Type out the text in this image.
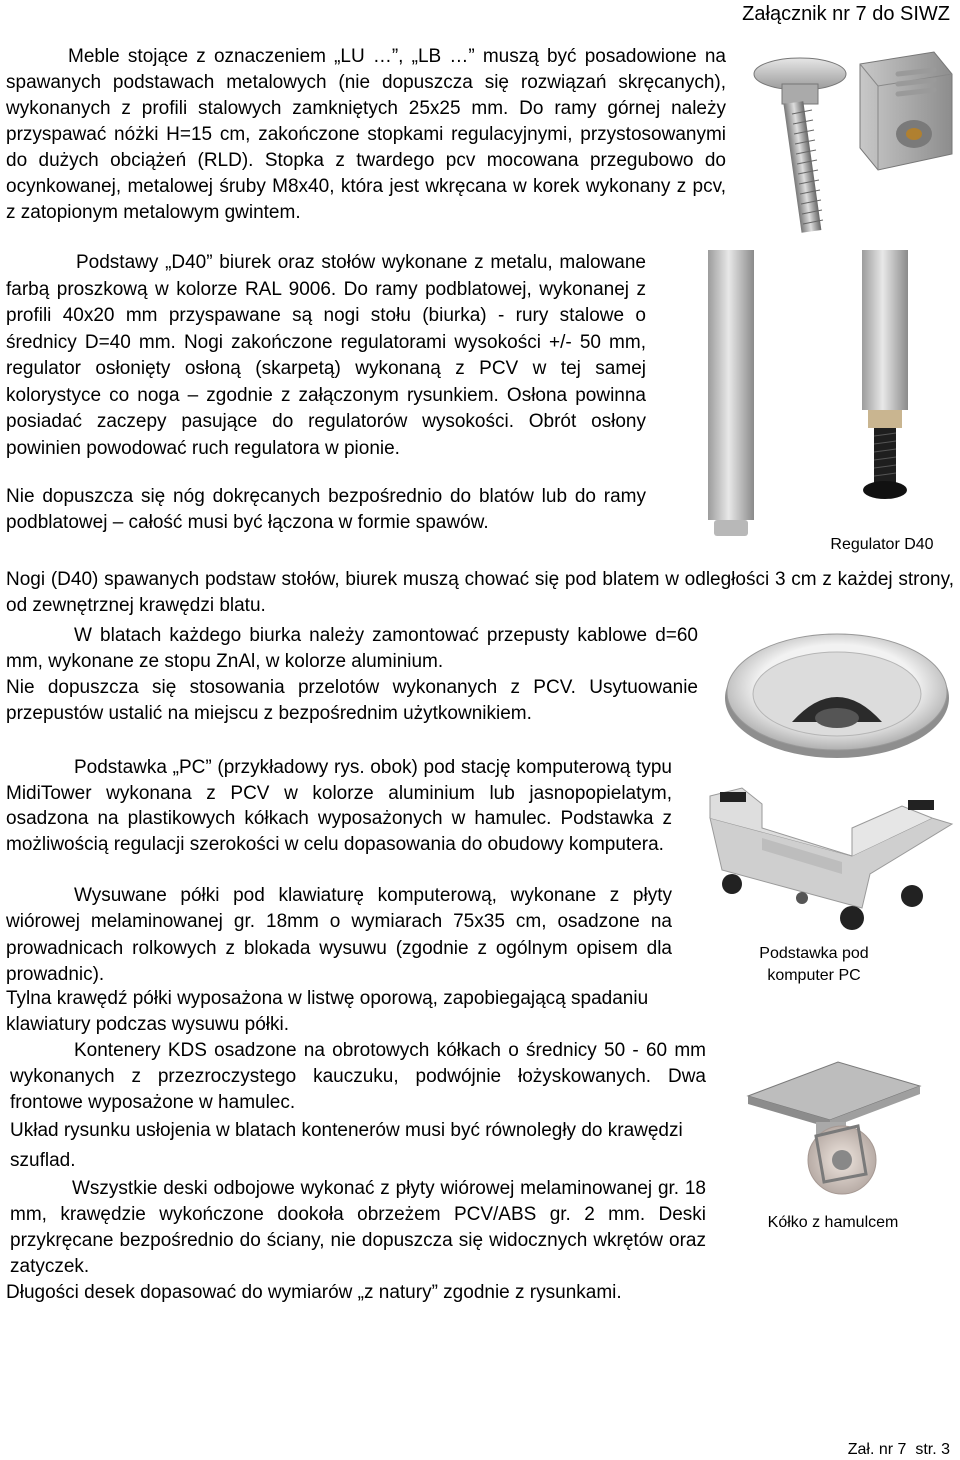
Załącznik nr 7 do SIWZ

Meble stojące z oznaczeniem „LU …”, „LB …” muszą być posadowione na spawanych podstawach metalowych (nie dopuszcza się rozwiązań skręcanych), wykonanych z profili stalowych zamkniętych 25x25 mm. Do ramy górnej należy przyspawać nóżki H=15 cm, zakończone stopkami regulacyjnymi, przystosowanymi do dużych obciążeń (RLD). Stopka z twardego pcv mocowana przegubowo do ocynkowanej, metalowej śruby M8x40, która jest wkręcana w korek wykonany z pcv, z zatopionym metalowym gwintem.

Podstawy „D40” biurek oraz stołów wykonane z metalu, malowane farbą proszkową w kolorze RAL 9006. Do ramy podblatowej, wykonanej z profili 40x20 mm przyspawane są nogi stołu (biurka) - rury stalowe o średnicy D=40 mm. Nogi zakończone regulatorami wysokości +/- 50 mm, regulator osłonięty osłoną (skarpetą) wykonaną z PCV w tej samej kolorystyce co noga – zgodnie z załączonym rysunkiem. Osłona powinna posiadać zaczepy pasujące do regulatorów wysokości. Obrót osłony powinien powodować ruch regulatora w pionie.

Nie dopuszcza się nóg dokręcanych bezpośrednio do blatów lub do ramy podblatowej – całość musi być łączona w formie spawów.

Regulator D40

Nogi (D40) spawanych podstaw stołów, biurek muszą chować się pod blatem w odległości 3 cm z każdej strony, od zewnętrznej krawędzi blatu.

W blatach każdego biurka należy zamontować przepusty kablowe d=60 mm, wykonane ze stopu ZnAl, w kolorze aluminium.

Nie dopuszcza się stosowania przelotów wykonanych z PCV. Usytuowanie przepustów ustalić na miejscu z bezpośrednim użytkownikiem.

Podstawka „PC” (przykładowy rys. obok) pod stację komputerową typu MidiTower wykonana z PCV w kolorze aluminium lub jasnopopielatym, osadzona na plastikowych kółkach wyposażonych w hamulec. Podstawka z możliwością regulacji szerokości w celu dopasowania do obudowy komputera.

Podstawka pod
komputer PC

Wysuwane półki pod klawiaturę komputerową, wykonane z płyty wiórowej melaminowanej gr. 18mm o wymiarach 75x35 cm, osadzone na prowadnicach rolkowych z blokada wysuwu (zgodnie z ogólnym opisem dla prowadnic).

Tylna krawędź półki wyposażona w listwę oporową, zapobiegającą spadaniu klawiatury podczas wysuwu półki.

Kontenery KDS osadzone na obrotowych kółkach o średnicy 50 - 60 mm wykonanych z przezroczystego kauczuku, podwójnie łożyskowanych. Dwa frontowe wyposażone w hamulec.

Układ rysunku usłojenia w blatach kontenerów musi być równoległy do krawędzi szuflad.

Kółko z hamulcem

Wszystkie deski odbojowe wykonać z płyty wiórowej melaminowanej gr. 18 mm, krawędzie wykończone dookoła obrzeżem PCV/ABS gr. 2 mm. Deski przykręcane bezpośrednio do ściany, nie dopuszcza się widocznych wkrętów oraz zatyczek.

Długości desek dopasować do wymiarów „z natury” zgodnie z rysunkami.

Zał. nr 7  str. 3
